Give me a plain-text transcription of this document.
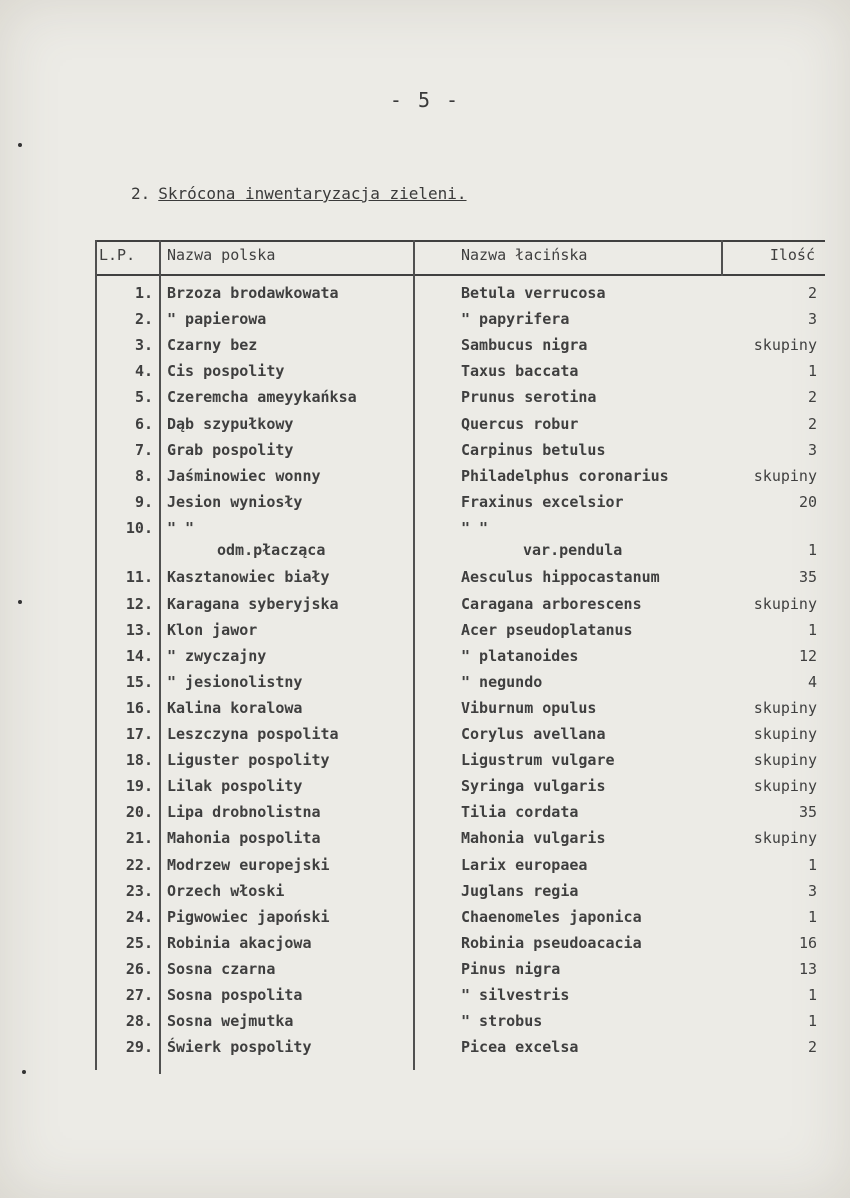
- 5 -
2. Skrócona inwentaryzacja zieleni.
L.P. Nazwa polska	Nazwa łacińska	Ilość
1. Brzoza brodawkowata	Betula verrucosa	2
2. " papierowa	" papyrifera	3
3. Czarny bez	Sambucus nigra	skupiny
4. Cis pospolity	Taxus baccata	1
5. Czeremcha ameyykańksa	Prunus serotina	2
6. Dąb szypułkowy	Quercus robur	2
7. Grab pospolity	Carpinus betulus	3
8. Jaśminowiec wonny	Philadelphus coronarius	skupiny
9. Jesion wyniosły	Fraxinus excelsior	20
10. " "	" "
odm.płacząca	var.pendula	1
11. Kasztanowiec biały	Aesculus hippocastanum	35
12. Karagana syberyjska	Caragana arborescens	skupiny
13. Klon jawor	Acer pseudoplatanus	1
14. " zwyczajny	" platanoides	12
15. " jesionolistny	" negundo	4
16. Kalina koralowa	Viburnum opulus	skupiny
17. Leszczyna pospolita	Corylus avellana	skupiny
18. Liguster pospolity	Ligustrum vulgare	skupiny
19. Lilak pospolity	Syringa vulgaris	skupiny
20. Lipa drobnolistna	Tilia cordata	35
21. Mahonia pospolita	Mahonia vulgaris	skupiny
22. Modrzew europejski	Larix europaea	1
23. Orzech włoski	Juglans regia	3
24. Pigwowiec japoński	Chaenomeles japonica	1
25. Robinia akacjowa	Robinia pseudoacacia	16
26. Sosna czarna	Pinus nigra	13
27. Sosna pospolita	" silvestris	1
28. Sosna wejmutka	" strobus	1
29. Świerk pospolity	Picea excelsa	2
